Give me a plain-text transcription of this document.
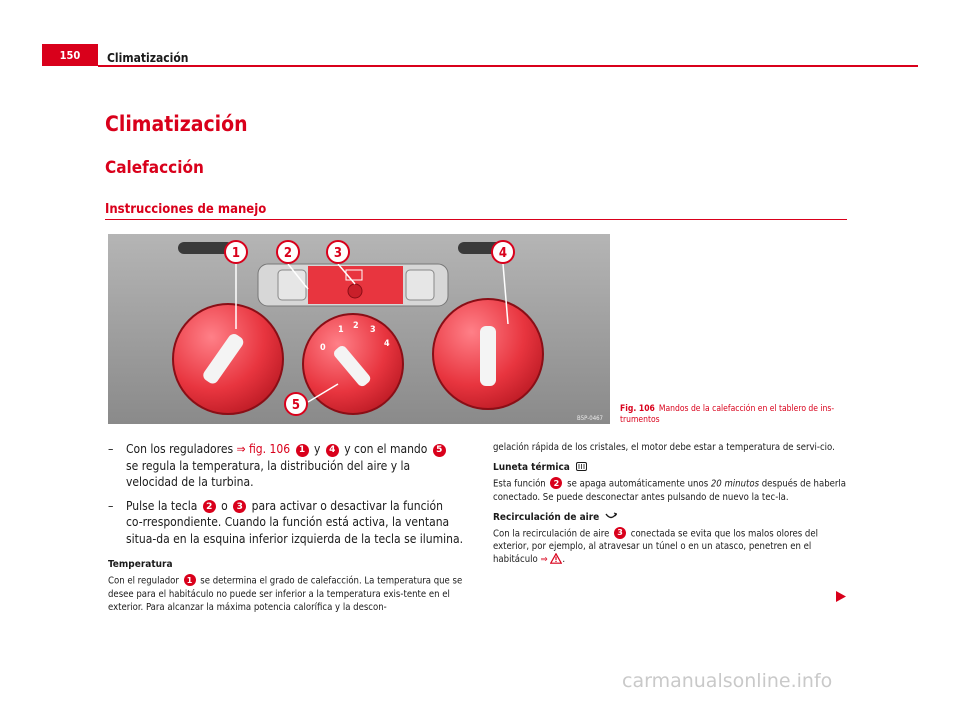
150	Climatización
Climatización
Calefacción
Instrucciones de manejo
0
1 2 3
4
1	2	3	4
5
B5P-0467
Fig. 106 Mandos de la calefacción en el tablero de ins-trumentos
– Con los reguladores ⇒ fig. 106 1 y 4 y con el mando 5 se regula la temperatura, la distribución del aire y la velocidad de la turbina.
– Pulse la tecla 2 o 3 para activar o desactivar la función co-rrespondiente. Cuando la función está activa, la ventana situa-da en la esquina inferior izquierda de la tecla se ilumina.
Temperatura

Con el regulador 1 se determina el grado de calefacción. La temperatura que se desee para el habitáculo no puede ser inferior a la temperatura exis-tente en el exterior. Para alcanzar la máxima potencia calorífica y la descon-

gelación rápida de los cristales, el motor debe estar a temperatura de servi-cio.

Luneta térmica

Esta función 2 se apaga automáticamente unos 20 minutos después de haberla conectado. Se puede desconectar antes pulsando de nuevo la tec-la.

Recirculación de aire

Con la recirculación de aire 3 conectada se evita que los malos olores del exterior, por ejemplo, al atravesar un túnel o en un atasco, penetren en el habitáculo ⇒ .

carmanualsonline.info
